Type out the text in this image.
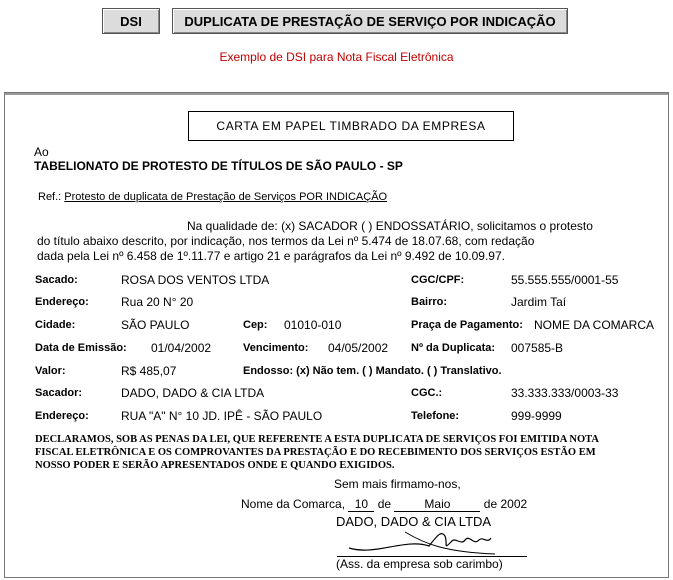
DSI	DUPLICATA DE PRESTAÇÃO DE SERVIÇO POR INDICAÇÃO
Exemplo de DSI para Nota Fiscal Eletrônica
CARTA EM PAPEL TIMBRADO DA EMPRESA
Ao
TABELIONATO DE PROTESTO DE TÍTULOS DE SÃO PAULO - SP
Ref.: Protesto de duplicata de Prestação de Serviços POR INDICAÇÃO
Na qualidade de: (x) SACADOR ( ) ENDOSSATÁRIO, solicitamos o protesto
do título abaixo descrito, por indicação, nos termos da Lei nº 5.474 de 18.07.68, com redação
dada pela Lei nº 6.458 de 1º.11.77 e artigo 21 e parágrafos da Lei nº 9.492 de 10.09.97.
Sacado:	ROSA DOS VENTOS LTDA	CGC/CPF:	55.555.555/0001-55
Endereço:	Rua 20 N° 20	Bairro:	Jardim Taí
Cidade:	SÃO PAULO	Cep: 01010-010	Praça de Pagamento: NOME DA COMARCA
Data de Emissão: 01/04/2002	Vencimento: 04/05/2002 Nº da Duplicata: 007585-B
Valor:	R$ 485,07	Endosso: (x) Não tem. ( ) Mandato. ( ) Translativo.
Sacador:	DADO, DADO & CIA LTDA	CGC.:	33.333.333/0003-33
Endereço:	RUA "A" N° 10 JD. IPÊ - SÃO PAULO	Telefone:	999-9999
DECLARAMOS, SOB AS PENAS DA LEI, QUE REFERENTE A ESTA DUPLICATA DE SERVIÇOS FOI EMITIDA NOTA
FISCAL ELETRÔNICA E OS COMPROVANTES DA PRESTAÇÃO E DO RECEBIMENTO DOS SERVIÇOS ESTÃO EM
NOSSO PODER E SERÃO APRESENTADOS ONDE E QUANDO EXIGIDOS.
Sem mais firmamo-nos,
Nome da Comarca, 10 de	Maio	de 2002
DADO, DADO & CIA LTDA
(Ass. da empresa sob carimbo)
